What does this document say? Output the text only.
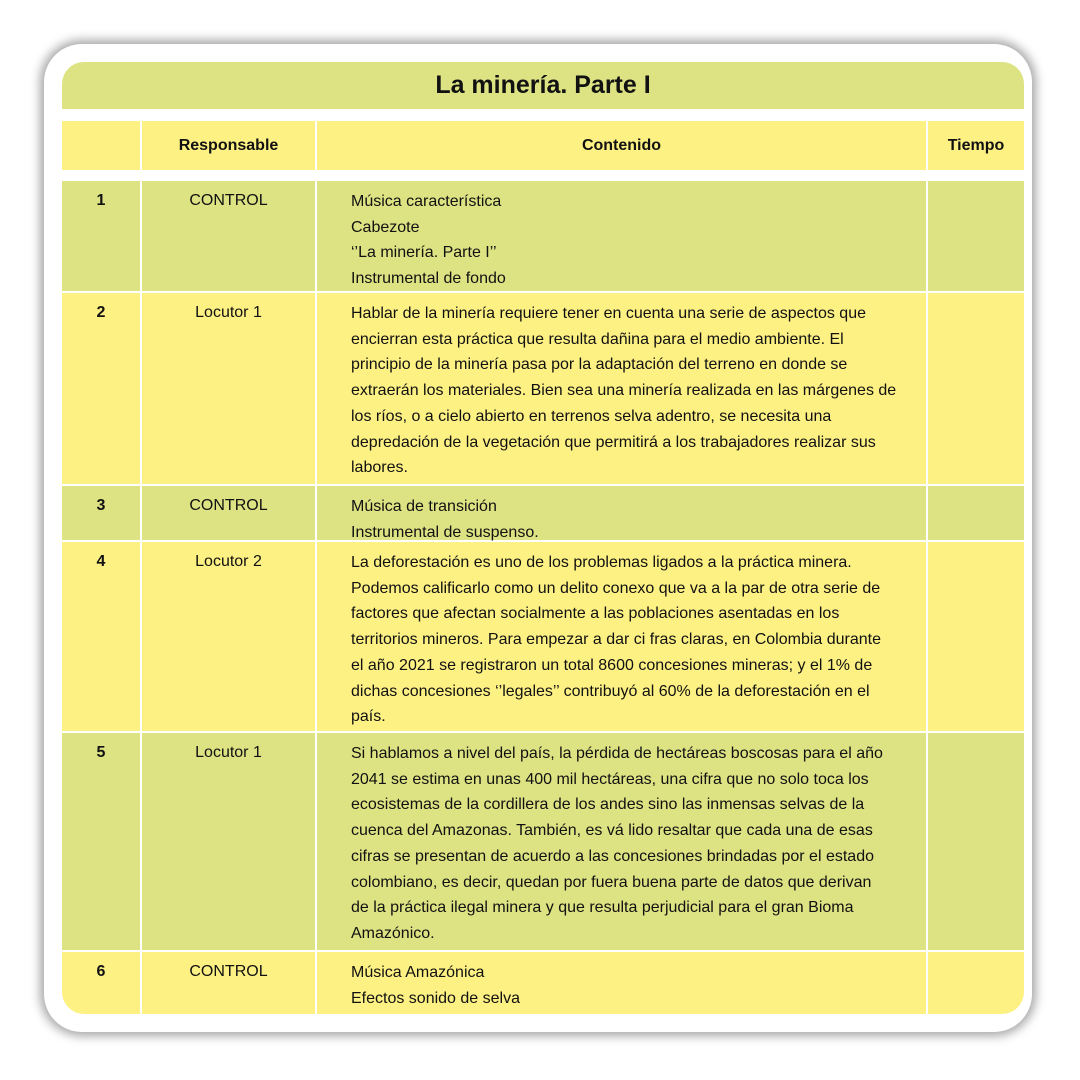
La minería. Parte I
Responsable	Contenido	Tiempo
1	CONTROL	Música característica
Cabezote
‘’La minería. Parte I’’
Instrumental de fondo
2	Locutor 1	Hablar de la minería requiere tener en cuenta una serie de aspectos que
encierran esta práctica que resulta dañina para el medio ambiente. El
principio de la minería pasa por la adaptación del terreno en donde se
extraerán los materiales. Bien sea una minería realizada en las márgenes de
los ríos, o a cielo abierto en terrenos selva adentro, se necesita una
depredación de la vegetación que permitirá a los trabajadores realizar sus
labores.
3	CONTROL	Música de transición
Instrumental de suspenso.
4	Locutor 2	La deforestación es uno de los problemas ligados a la práctica minera.
Podemos calificarlo como un delito conexo que va a la par de otra serie de
factores que afectan socialmente a las poblaciones asentadas en los
territorios mineros. Para empezar a dar ci fras claras, en Colombia durante
el año 2021 se registraron un total 8600 concesiones mineras; y el 1% de
dichas concesiones ‘’legales’’ contribuyó al 60% de la deforestación en el
país.
5	Locutor 1	Si hablamos a nivel del país, la pérdida de hectáreas boscosas para el año
2041 se estima en unas 400 mil hectáreas, una cifra que no solo toca los
ecosistemas de la cordillera de los andes sino las inmensas selvas de la
cuenca del Amazonas. También, es vá lido resaltar que cada una de esas
cifras se presentan de acuerdo a las concesiones brindadas por el estado
colombiano, es decir, quedan por fuera buena parte de datos que derivan
de la práctica ilegal minera y que resulta perjudicial para el gran Bioma
Amazónico.
6	CONTROL	Música Amazónica
Efectos sonido de selva
